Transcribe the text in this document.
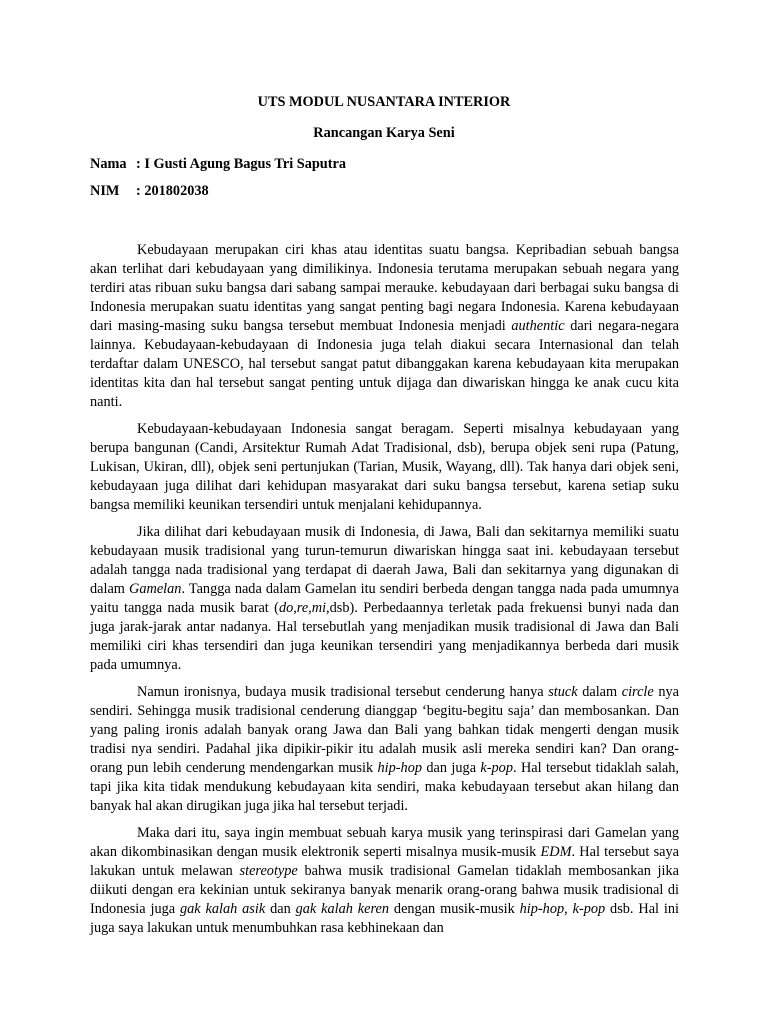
UTS MODUL NUSANTARA INTERIOR
Rancangan Karya Seni
Nama : I Gusti Agung Bagus Tri Saputra
NIM : 201802038

Kebudayaan merupakan ciri khas atau identitas suatu bangsa. Kepribadian sebuah bangsa akan terlihat dari kebudayaan yang dimilikinya. Indonesia terutama merupakan sebuah negara yang terdiri atas ribuan suku bangsa dari sabang sampai merauke. kebudayaan dari berbagai suku bangsa di Indonesia merupakan suatu identitas yang sangat penting bagi negara Indonesia. Karena kebudayaan dari masing-masing suku bangsa tersebut membuat Indonesia menjadi authentic dari negara-negara lainnya. Kebudayaan-kebudayaan di Indonesia juga telah diakui secara Internasional dan telah terdaftar dalam UNESCO, hal tersebut sangat patut dibanggakan karena kebudayaan kita merupakan identitas kita dan hal tersebut sangat penting untuk dijaga dan diwariskan hingga ke anak cucu kita nanti.

Kebudayaan-kebudayaan Indonesia sangat beragam. Seperti misalnya kebudayaan yang berupa bangunan (Candi, Arsitektur Rumah Adat Tradisional, dsb), berupa objek seni rupa (Patung, Lukisan, Ukiran, dll), objek seni pertunjukan (Tarian, Musik, Wayang, dll). Tak hanya dari objek seni, kebudayaan juga dilihat dari kehidupan masyarakat dari suku bangsa tersebut, karena setiap suku bangsa memiliki keunikan tersendiri untuk menjalani kehidupannya.

Jika dilihat dari kebudayaan musik di Indonesia, di Jawa, Bali dan sekitarnya memiliki suatu kebudayaan musik tradisional yang turun-temurun diwariskan hingga saat ini. kebudayaan tersebut adalah tangga nada tradisional yang terdapat di daerah Jawa, Bali dan sekitarnya yang digunakan di dalam Gamelan. Tangga nada dalam Gamelan itu sendiri berbeda dengan tangga nada pada umumnya yaitu tangga nada musik barat (do,re,mi,dsb). Perbedaannya terletak pada frekuensi bunyi nada dan juga jarak-jarak antar nadanya. Hal tersebutlah yang menjadikan musik tradisional di Jawa dan Bali memiliki ciri khas tersendiri dan juga keunikan tersendiri yang menjadikannya berbeda dari musik pada umumnya.

Namun ironisnya, budaya musik tradisional tersebut cenderung hanya stuck dalam circle nya sendiri. Sehingga musik tradisional cenderung dianggap ‘begitu-begitu saja’ dan membosankan. Dan yang paling ironis adalah banyak orang Jawa dan Bali yang bahkan tidak mengerti dengan musik tradisi nya sendiri. Padahal jika dipikir-pikir itu adalah musik asli mereka sendiri kan? Dan orang-orang pun lebih cenderung mendengarkan musik hip-hop dan juga k-pop. Hal tersebut tidaklah salah, tapi jika kita tidak mendukung kebudayaan kita sendiri, maka kebudayaan tersebut akan hilang dan banyak hal akan dirugikan juga jika hal tersebut terjadi.

Maka dari itu, saya ingin membuat sebuah karya musik yang terinspirasi dari Gamelan yang akan dikombinasikan dengan musik elektronik seperti misalnya musik-musik EDM. Hal tersebut saya lakukan untuk melawan stereotype bahwa musik tradisional Gamelan tidaklah membosankan jika diikuti dengan era kekinian untuk sekiranya banyak menarik orang-orang bahwa musik tradisional di Indonesia juga gak kalah asik dan gak kalah keren dengan musik-musik hip-hop, k-pop dsb. Hal ini juga saya lakukan untuk menumbuhkan rasa kebhinekaan dan
